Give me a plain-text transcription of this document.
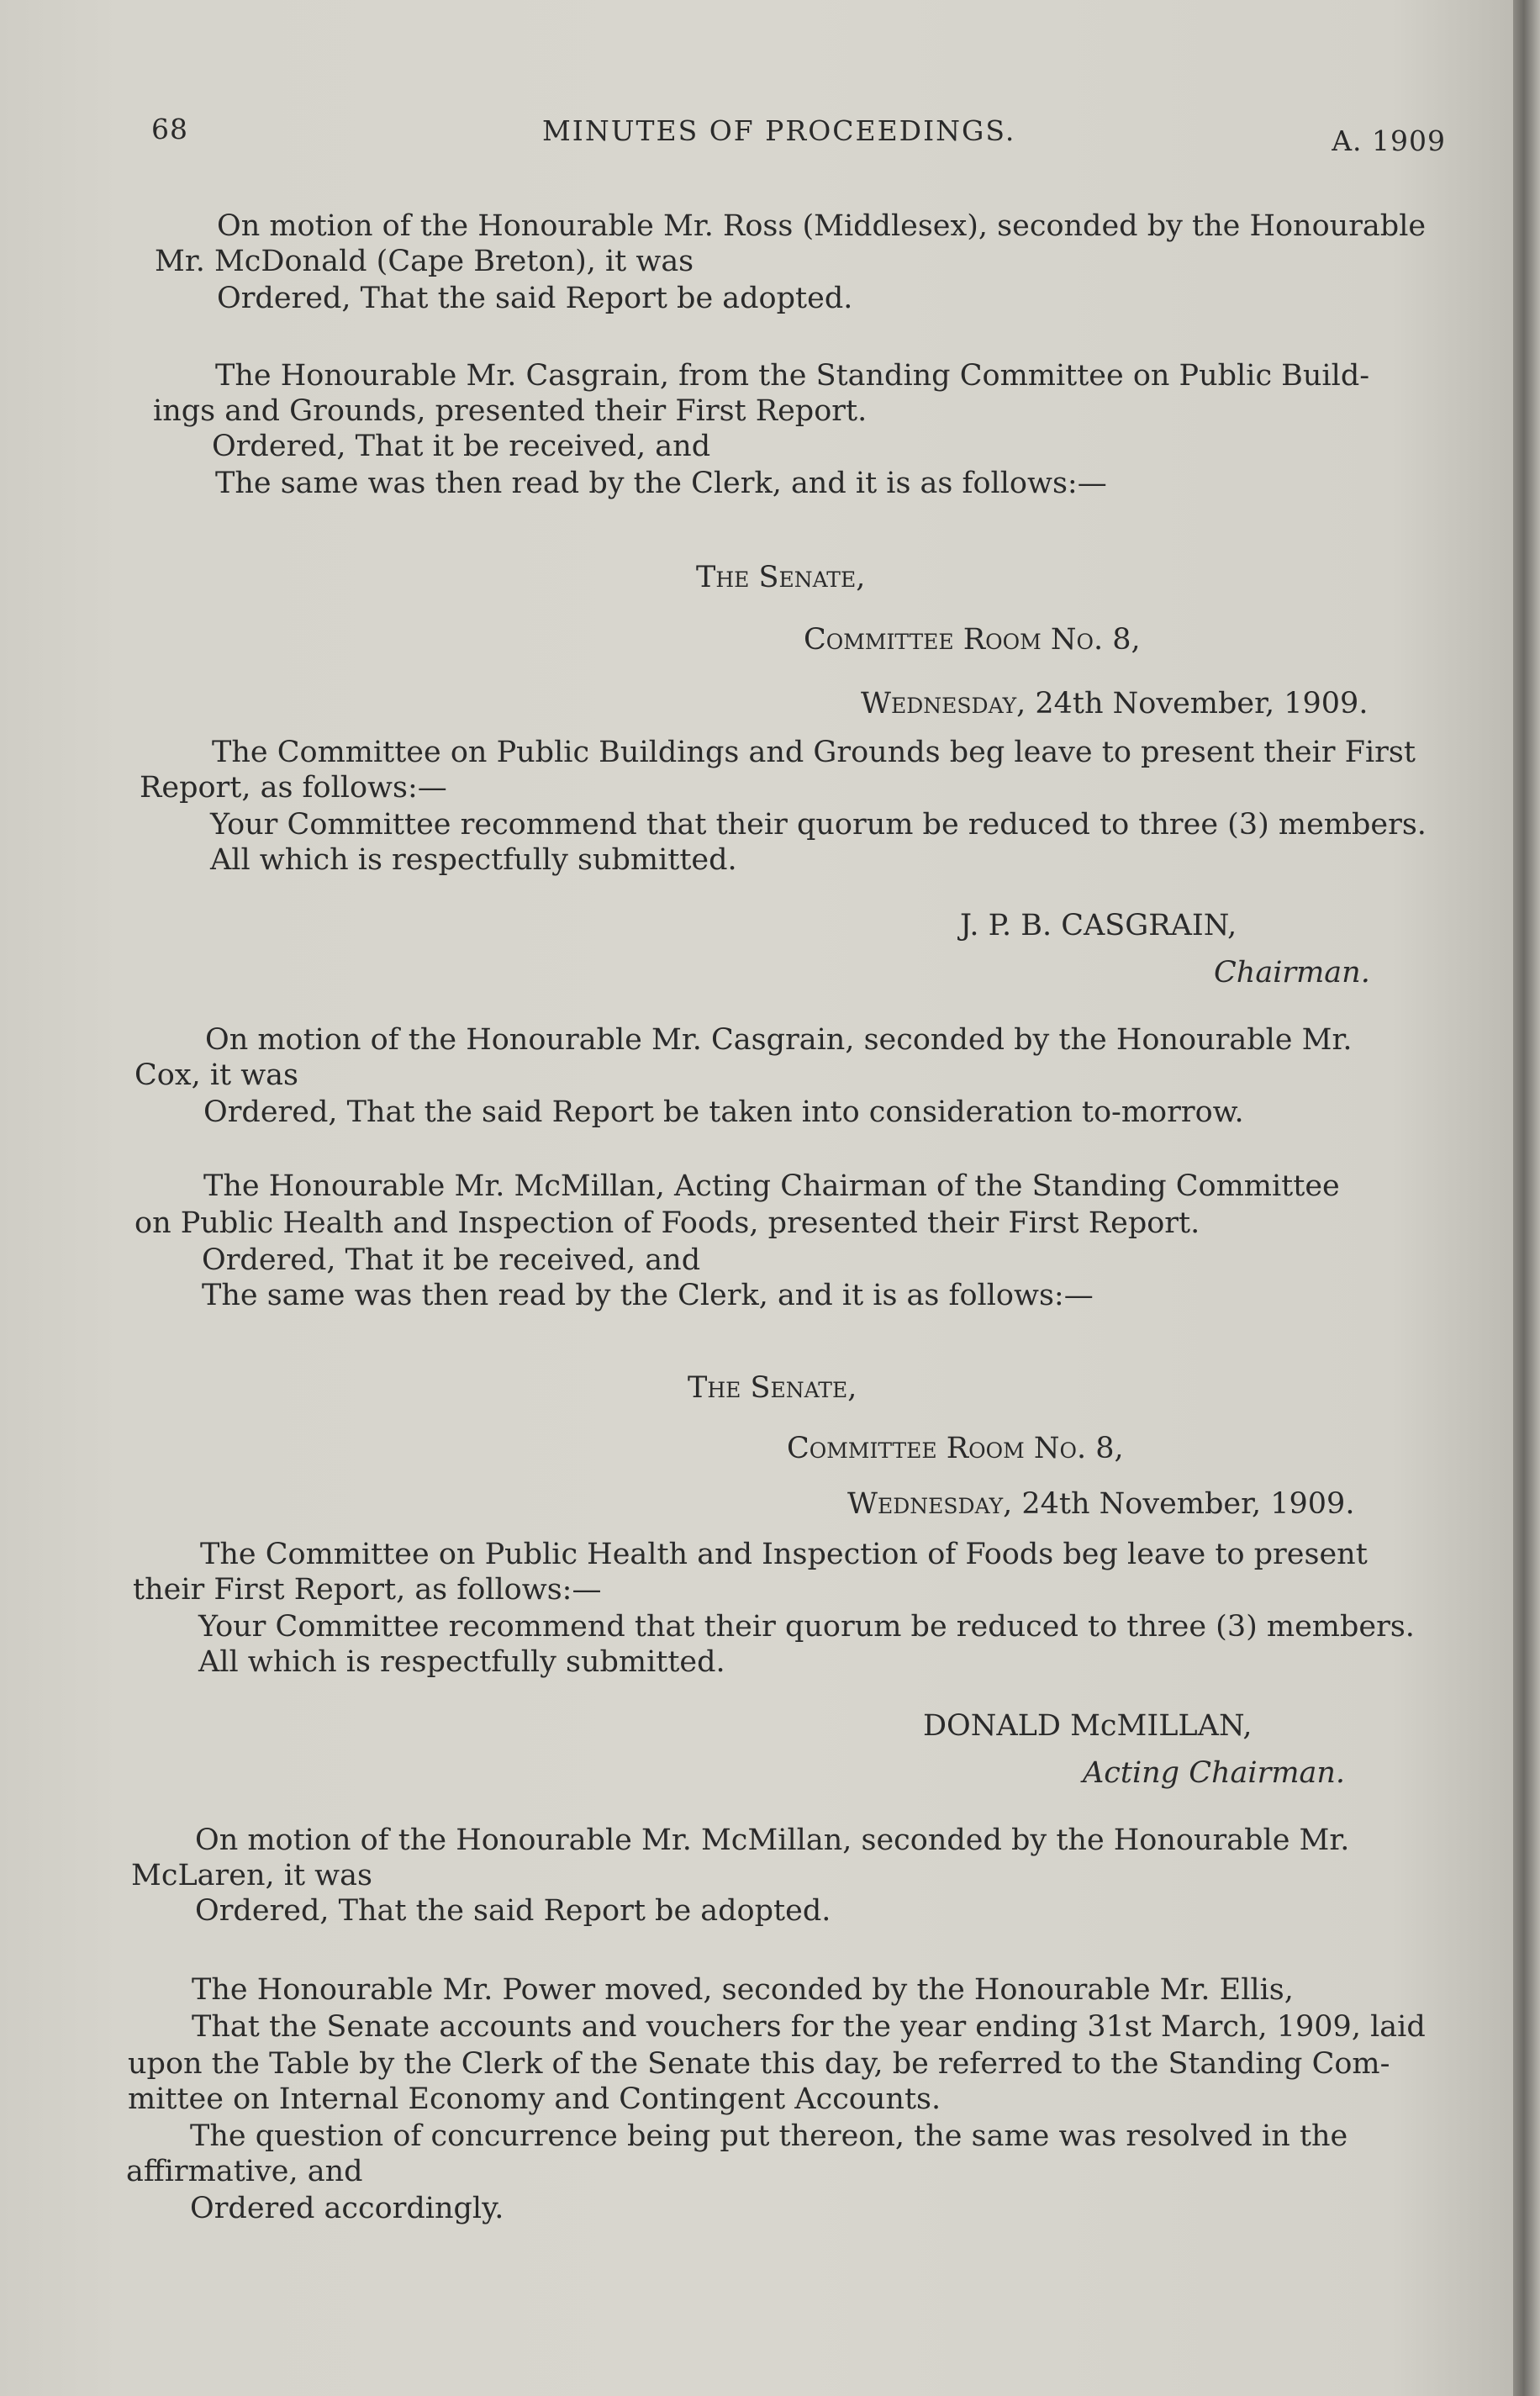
68	MINUTES OF PROCEEDINGS.	A. 1909
On motion of the Honourable Mr. Ross (Middlesex), seconded by the Honourable
Mr. McDonald (Cape Breton), it was
Ordered, That the said Report be adopted.
The Honourable Mr. Casgrain, from the Standing Committee on Public Build-
ings and Grounds, presented their First Report.
Ordered, That it be received, and
The same was then read by the Clerk, and it is as follows:—
The Senate,
Committee Room No. 8,
Wednesday, 24th November, 1909.
The Committee on Public Buildings and Grounds beg leave to present their First
Report, as follows:—
Your Committee recommend that their quorum be reduced to three (3) members.
All which is respectfully submitted.
J. P. B. CASGRAIN,
Chairman.
On motion of the Honourable Mr. Casgrain, seconded by the Honourable Mr.
Cox, it was
Ordered, That the said Report be taken into consideration to-morrow.
The Honourable Mr. McMillan, Acting Chairman of the Standing Committee
on Public Health and Inspection of Foods, presented their First Report.
Ordered, That it be received, and
The same was then read by the Clerk, and it is as follows:—
The Senate,
Committee Room No. 8,
Wednesday, 24th November, 1909.
The Committee on Public Health and Inspection of Foods beg leave to present
their First Report, as follows:—
Your Committee recommend that their quorum be reduced to three (3) members.
All which is respectfully submitted.
DONALD McMILLAN,
Acting Chairman.
On motion of the Honourable Mr. McMillan, seconded by the Honourable Mr.
McLaren, it was
Ordered, That the said Report be adopted.
The Honourable Mr. Power moved, seconded by the Honourable Mr. Ellis,
That the Senate accounts and vouchers for the year ending 31st March, 1909, laid
upon the Table by the Clerk of the Senate this day, be referred to the Standing Com-
mittee on Internal Economy and Contingent Accounts.
The question of concurrence being put thereon, the same was resolved in the
affirmative, and
Ordered accordingly.
